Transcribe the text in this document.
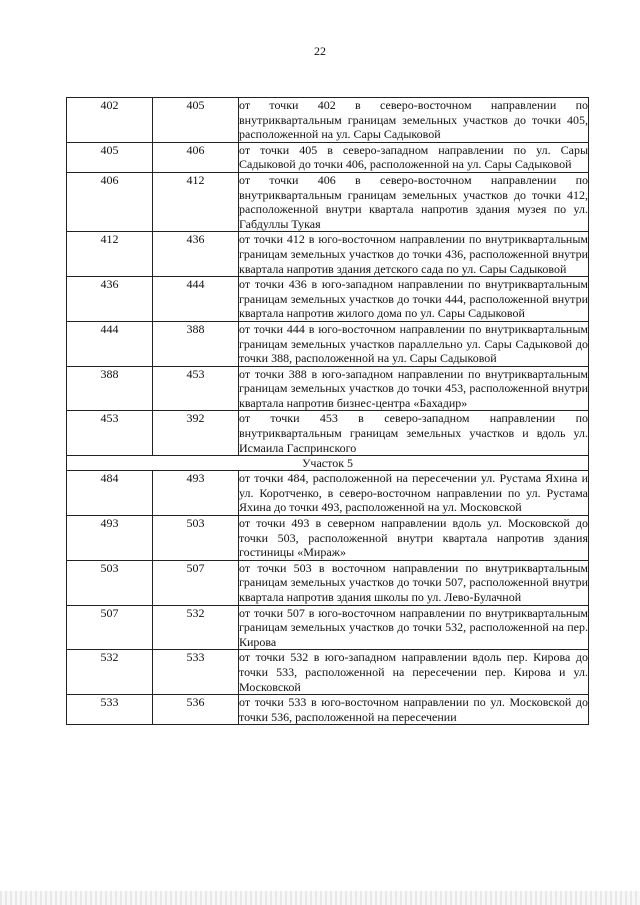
22
402	405	от точки 402 в северо-восточном направлении по внутриквартальным границам земельных участков до точки 405, расположенной на ул. Сары Садыковой
405	406	от точки 405 в северо-западном направлении по ул. Сары Садыковой до точки 406, расположенной на ул. Сары Садыковой
406	412	от точки 406 в северо-восточном направлении по внутриквартальным границам земельных участков до точки 412, расположенной внутри квартала напротив здания музея по ул. Габдуллы Тукая
412	436	от точки 412 в юго-восточном направлении по внутриквартальным границам земельных участков до точки 436, расположенной внутри квартала напротив здания детского сада по ул. Сары Садыковой
436	444	от точки 436 в юго-западном направлении по внутриквартальным границам земельных участков до точки 444, расположенной внутри квартала напротив жилого дома по ул. Сары Садыковой
444	388	от точки 444 в юго-восточном направлении по внутриквартальным границам земельных участков параллельно ул. Сары Садыковой до точки 388, расположенной на ул. Сары Садыковой
388	453	от точки 388 в юго-западном направлении по внутриквартальным границам земельных участков до точки 453, расположенной внутри квартала напротив бизнес-центра «Бахадир»
453	392	от точки 453 в северо-западном направлении по внутриквартальным границам земельных участков и вдоль ул. Исмаила Гаспринского
Участок 5		
484	493	от точки 484, расположенной на пересечении ул. Рустама Яхина и ул. Коротченко, в северо-восточном направлении по ул. Рустама Яхина до точки 493, расположенной на ул. Московской
493	503	от точки 493 в северном направлении вдоль ул. Московской до точки 503, расположенной внутри квартала напротив здания гостиницы «Мираж»
503	507	от точки 503 в восточном направлении по внутриквартальным границам земельных участков до точки 507, расположенной внутри квартала напротив здания школы по ул. Лево-Булачной
507	532	от точки 507 в юго-восточном направлении по внутриквартальным границам земельных участков до точки 532, расположенной на пер. Кирова
532	533	от точки 532 в юго-западном направлении вдоль пер. Кирова до точки 533, расположенной на пересечении пер. Кирова и ул. Московской
533	536	от точки 533 в юго-восточном направлении по ул. Московской до точки 536, расположенной на пересечении
